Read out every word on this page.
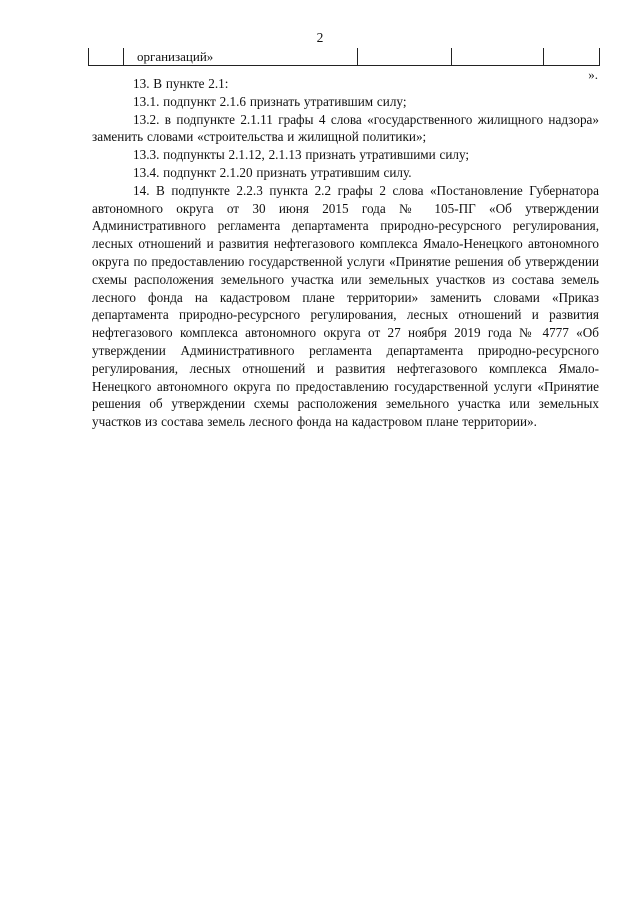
2
организаций»
».

13. В пункте 2.1:

13.1. подпункт 2.1.6 признать утратившим силу;

13.2. в подпункте 2.1.11 графы 4 слова «государственного жилищного надзора» заменить словами «строительства и жилищной политики»;

13.3. подпункты 2.1.12, 2.1.13 признать утратившими силу;

13.4. подпункт 2.1.20 признать утратившим силу.

14. В подпункте 2.2.3 пункта 2.2 графы 2 слова «Постановление Губернатора автономного округа от 30 июня 2015 года № 105-ПГ «Об утверждении Административного регламента департамента природно-ресурсного регулирования, лесных отношений и развития нефтегазового комплекса Ямало-Ненецкого автономного округа по предоставлению государственной услуги «Принятие решения об утверждении схемы расположения земельного участка или земельных участков из состава земель лесного фонда на кадастровом плане территории» заменить словами «Приказ департамента природно-ресурсного регулирования, лесных отношений и развития нефтегазового комплекса автономного округа от 27 ноября 2019 года № 4777 «Об утверждении Административного регламента департамента природно-ресурсного регулирования, лесных отношений и развития нефтегазового комплекса Ямало-Ненецкого автономного округа по предоставлению государственной услуги «Принятие решения об утверждении схемы расположения земельного участка или земельных участков из состава земель лесного фонда на кадастровом плане территории».
